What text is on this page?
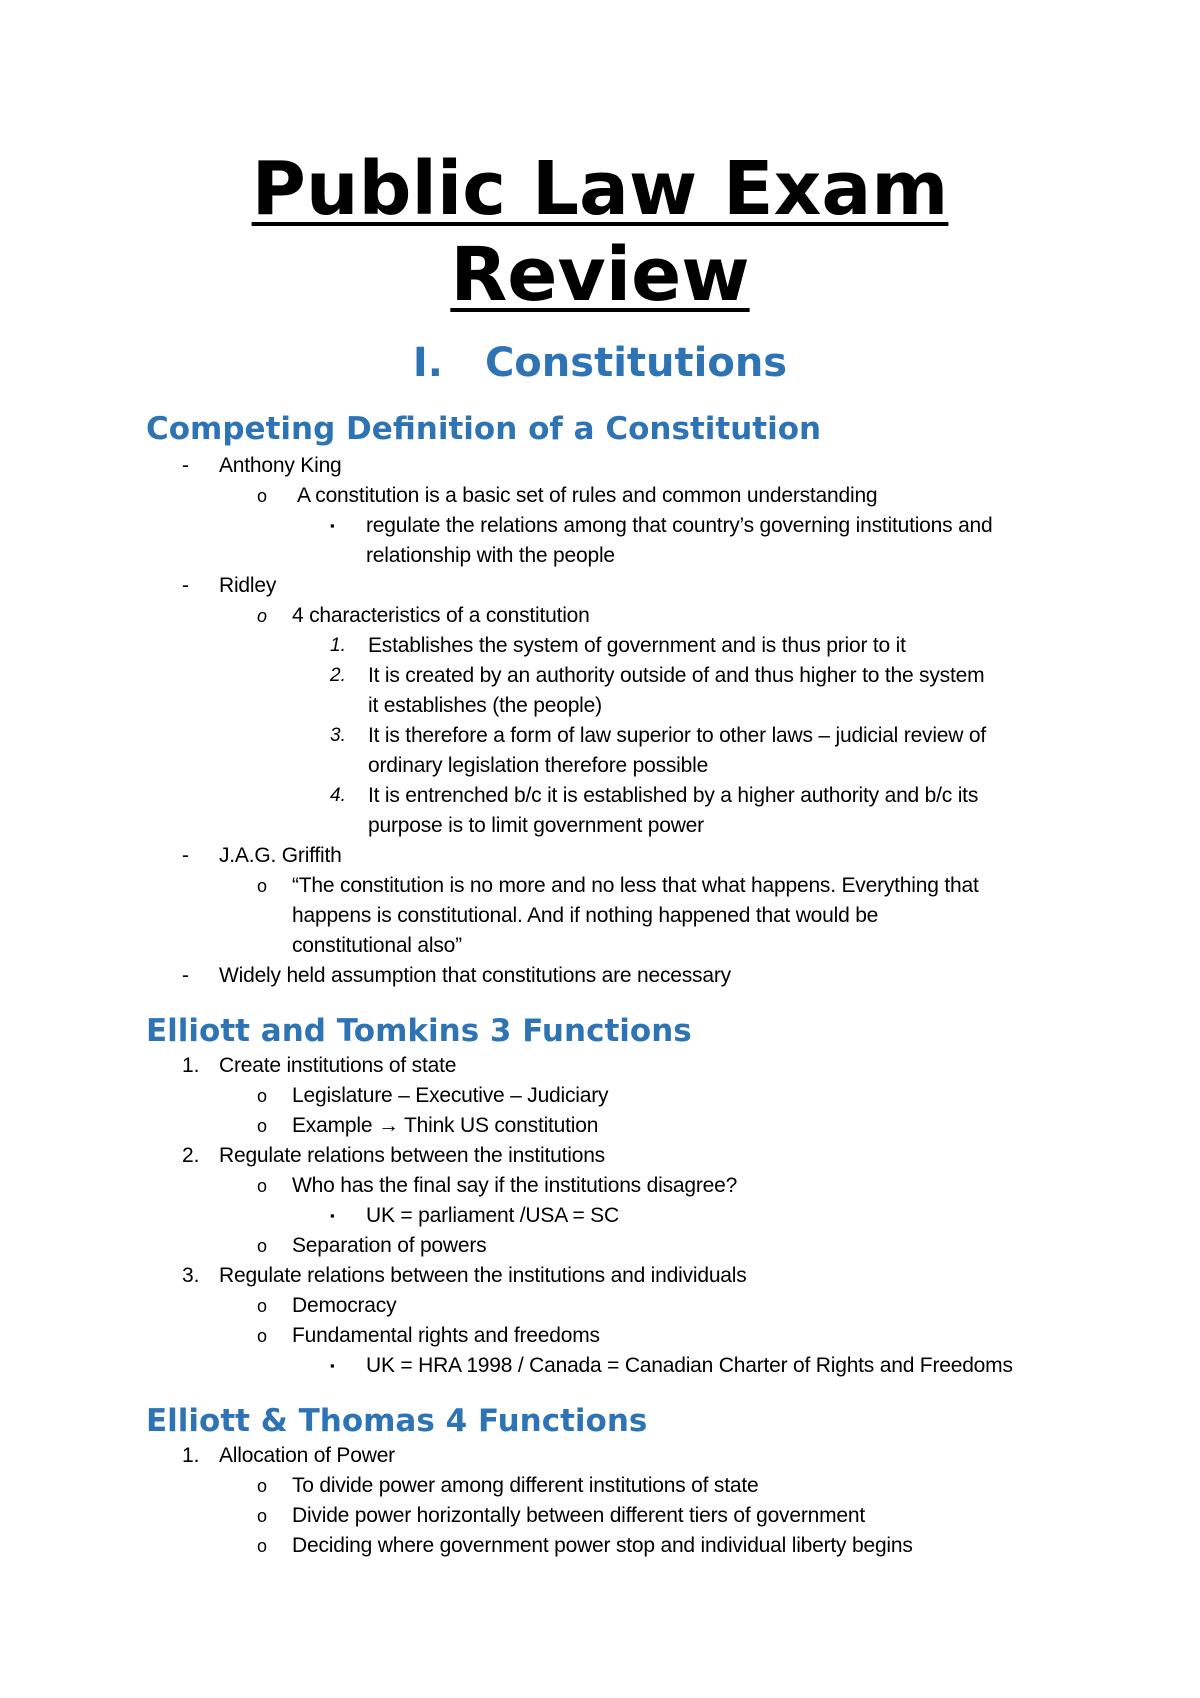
Public Law Exam
Review
I. Constitutions
Competing Definition of a Constitution
- Anthony King
o A constitution is a basic set of rules and common understanding
▪ regulate the relations among that country’s governing institutions and
relationship with the people
- Ridley
o 4 characteristics of a constitution
1. Establishes the system of government and is thus prior to it
2. It is created by an authority outside of and thus higher to the system
it establishes (the people)
3. It is therefore a form of law superior to other laws – judicial review of
ordinary legislation therefore possible
4. It is entrenched b/c it is established by a higher authority and b/c its
purpose is to limit government power
- J.A.G. Griffith
o “The constitution is no more and no less that what happens. Everything that
happens is constitutional. And if nothing happened that would be
constitutional also”
- Widely held assumption that constitutions are necessary
Elliott and Tomkins 3 Functions
1. Create institutions of state
o Legislature – Executive – Judiciary
o Example → Think US constitution
2. Regulate relations between the institutions
o Who has the final say if the institutions disagree?
▪ UK = parliament /USA = SC
o Separation of powers
3. Regulate relations between the institutions and individuals
o Democracy
o Fundamental rights and freedoms
▪ UK = HRA 1998 / Canada = Canadian Charter of Rights and Freedoms
Elliott & Thomas 4 Functions
1. Allocation of Power
o To divide power among different institutions of state
o Divide power horizontally between different tiers of government
o Deciding where government power stop and individual liberty begins
